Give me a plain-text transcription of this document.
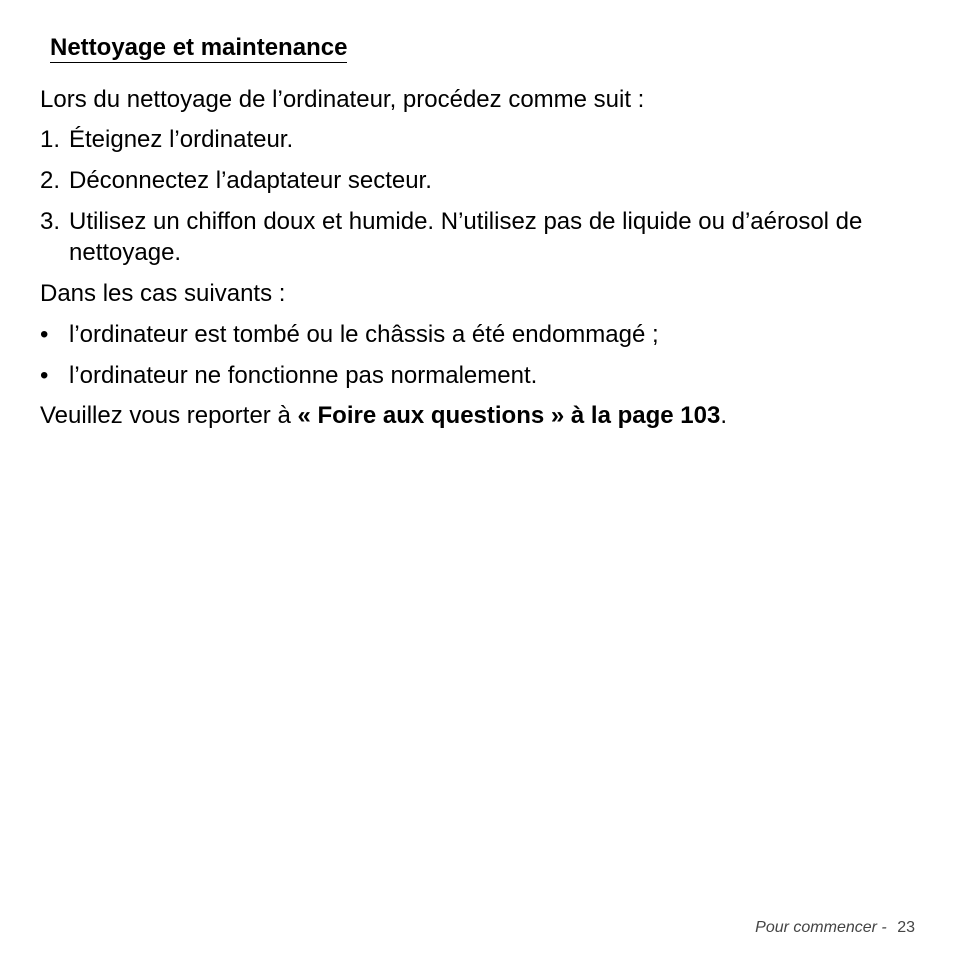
Nettoyage et maintenance

Lors du nettoyage de l’ordinateur, procédez comme suit :

1. Éteignez l’ordinateur.
2. Déconnectez l’adaptateur secteur.
3. Utilisez un chiffon doux et humide. N’utilisez pas de liquide ou d’aérosol de nettoyage.

Dans les cas suivants :

• l’ordinateur est tombé ou le châssis a été endommagé ;
• l’ordinateur ne fonctionne pas normalement.

Veuillez vous reporter à « Foire aux questions » à la page 103.

Pour commencer - 23
